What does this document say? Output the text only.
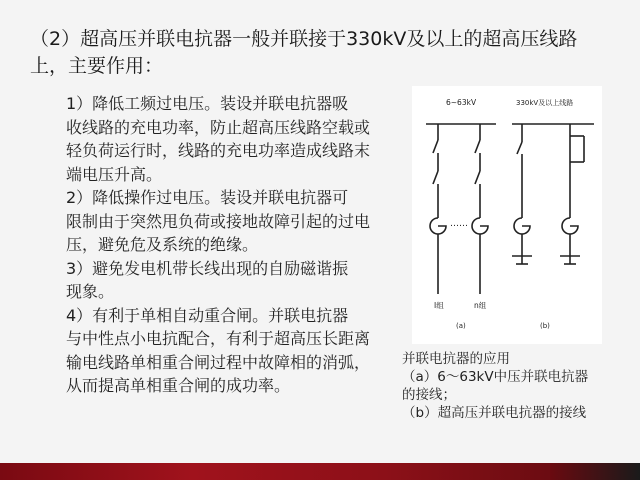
（2）超高压并联电抗器一般并联接于330kV及以上的超高压线路
上，主要作用：

1）降低工频过电压。装设并联电抗器吸
收线路的充电功率，防止超高压线路空载或
轻负荷运行时，线路的充电功率造成线路末
端电压升高。

2）降低操作过电压。装设并联电抗器可
限制由于突然甩负荷或接地故障引起的过电
压，避免危及系统的绝缘。

3）避免发电机带长线出现的自励磁谐振
现象。

4）有利于单相自动重合闸。并联电抗器
与中性点小电抗配合，有利于超高压长距离
输电线路单相重合闸过程中故障相的消弧，
从而提高单相重合闸的成功率。

6~63kV	330kV及以上线路
I组
……
n组
(a)	(b)
并联电抗器的应用
（a）6～63kV中压并联电抗器
的接线；
（b）超高压并联电抗器的接线
